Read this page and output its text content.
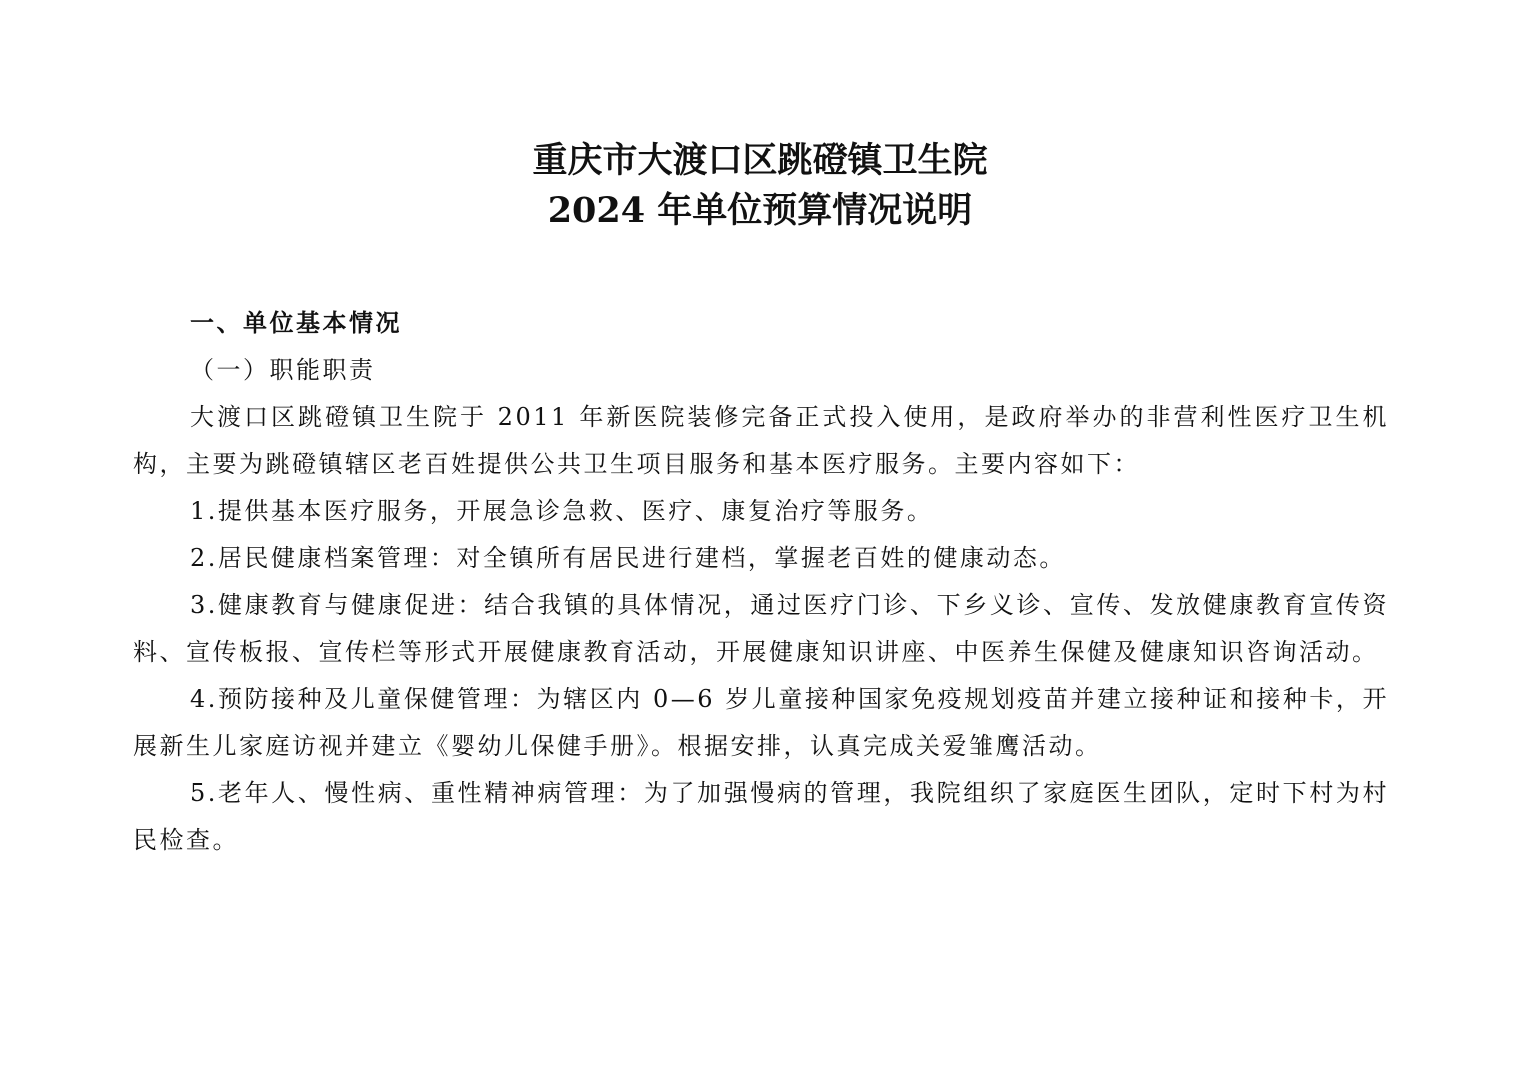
重庆市大渡口区跳磴镇卫生院
2024 年单位预算情况说明

一、单位基本情况

（一）职能职责

大渡口区跳磴镇卫生院于 2011 年新医院装修完备正式投入使用，是政府举办的非营利性医疗卫生机构，主要为跳磴镇辖区老百姓提供公共卫生项目服务和基本医疗服务。主要内容如下：

1.提供基本医疗服务，开展急诊急救、医疗、康复治疗等服务。

2.居民健康档案管理：对全镇所有居民进行建档，掌握老百姓的健康动态。

3.健康教育与健康促进：结合我镇的具体情况，通过医疗门诊、下乡义诊、宣传、发放健康教育宣传资料、宣传板报、宣传栏等形式开展健康教育活动，开展健康知识讲座、中医养生保健及健康知识咨询活动。

4.预防接种及儿童保健管理：为辖区内 0—6 岁儿童接种国家免疫规划疫苗并建立接种证和接种卡，开展新生儿家庭访视并建立《婴幼儿保健手册》。根据安排，认真完成关爱雏鹰活动。

5.老年人、慢性病、重性精神病管理：为了加强慢病的管理，我院组织了家庭医生团队，定时下村为村民检查。
